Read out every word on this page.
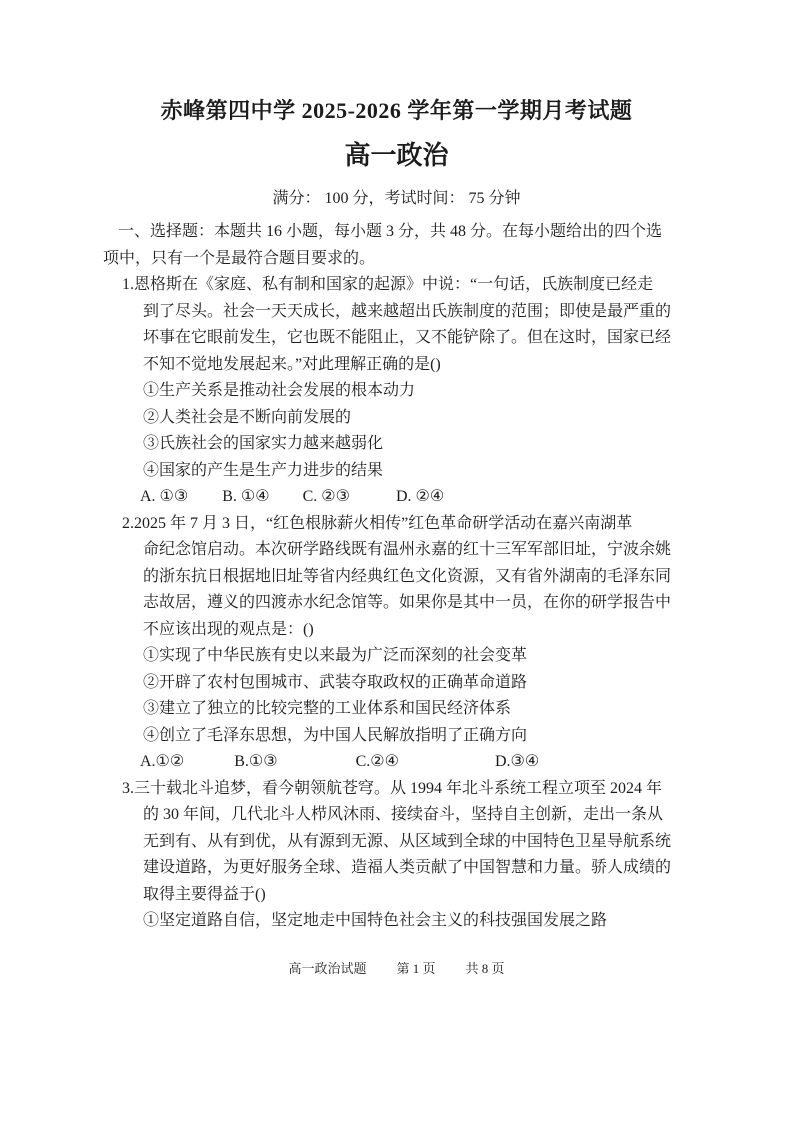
赤峰第四中学 2025-2026 学年第一学期月考试题
高一政治
满分： 100 分，考试时间： 75 分钟
一、选择题：本题共 16 小题，每小题 3 分，共 48 分。在每小题给出的四个选
项中，只有一个是最符合题目要求的。
1.恩格斯在《家庭、私有制和国家的起源》中说：“一句话，氏族制度已经走
到了尽头。社会一天天成长，越来越超出氏族制度的范围；即使是最严重的
坏事在它眼前发生，它也既不能阻止，又不能铲除了。但在这时，国家已经
不知不觉地发展起来。”对此理解正确的是()
①生产关系是推动社会发展的根本动力
②人类社会是不断向前发展的
③氏族社会的国家实力越来越弱化
④国家的产生是生产力进步的结果
A. ①③ B. ①④ C. ②③	D. ②④
2.2025 年 7 月 3 日，“红色根脉薪火相传”红色革命研学活动在嘉兴南湖革
命纪念馆启动。本次研学路线既有温州永嘉的红十三军军部旧址，宁波余姚
的浙东抗日根据地旧址等省内经典红色文化资源，又有省外湖南的毛泽东同
志故居，遵义的四渡赤水纪念馆等。如果你是其中一员，在你的研学报告中
不应该出现的观点是：()
①实现了中华民族有史以来最为广泛而深刻的社会变革
②开辟了农村包围城市、武装夺取政权的正确革命道路
③建立了独立的比较完整的工业体系和国民经济体系
④创立了毛泽东思想，为中国人民解放指明了正确方向
A.①②	B.①③	C.②④	D.③④
3.三十载北斗追梦，看今朝领航苍穹。从 1994 年北斗系统工程立项至 2024 年
的 30 年间，几代北斗人栉风沐雨、接续奋斗，坚持自主创新，走出一条从
无到有、从有到优，从有源到无源、从区域到全球的中国特色卫星导航系统
建设道路，为更好服务全球、造福人类贡献了中国智慧和力量。骄人成绩的
取得主要得益于()
①坚定道路自信，坚定地走中国特色社会主义的科技强国发展之路
高一政治试题 第 1 页 共 8 页
